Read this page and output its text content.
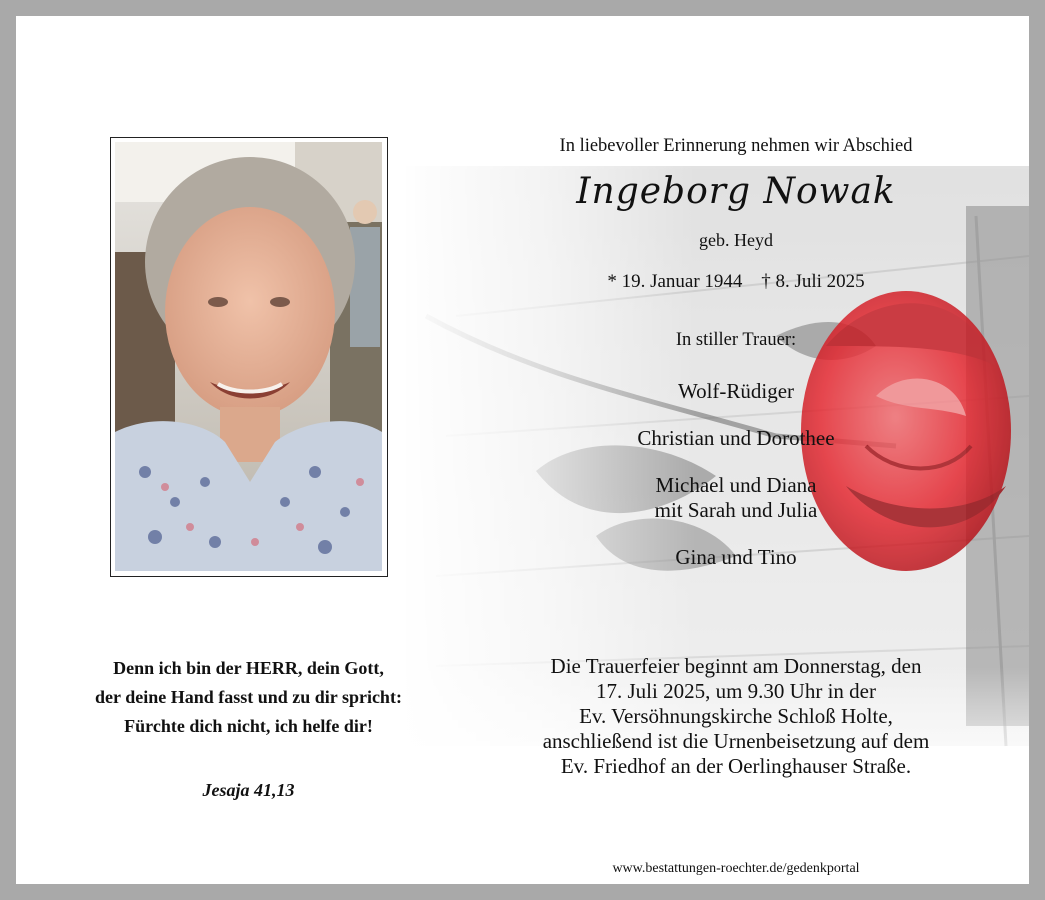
In liebevoller Erinnerung nehmen wir Abschied
Ingeborg Nowak
geb. Heyd
* 19. Januar 1944 † 8. Juli 2025
In stiller Trauer:
Wolf-Rüdiger
Christian und Dorothee
Michael und Diana
mit Sarah und Julia
Gina und Tino
Denn ich bin der HERR, dein Gott,
der deine Hand fasst und zu dir spricht:
Fürchte dich nicht, ich helfe dir!
Jesaja 41,13
Die Trauerfeier beginnt am Donnerstag, den
17. Juli 2025, um 9.30 Uhr in der
Ev. Versöhnungskirche Schloß Holte,
anschließend ist die Urnenbeisetzung auf dem
Ev. Friedhof an der Oerlinghauser Straße.
www.bestattungen-roechter.de/gedenkportal
